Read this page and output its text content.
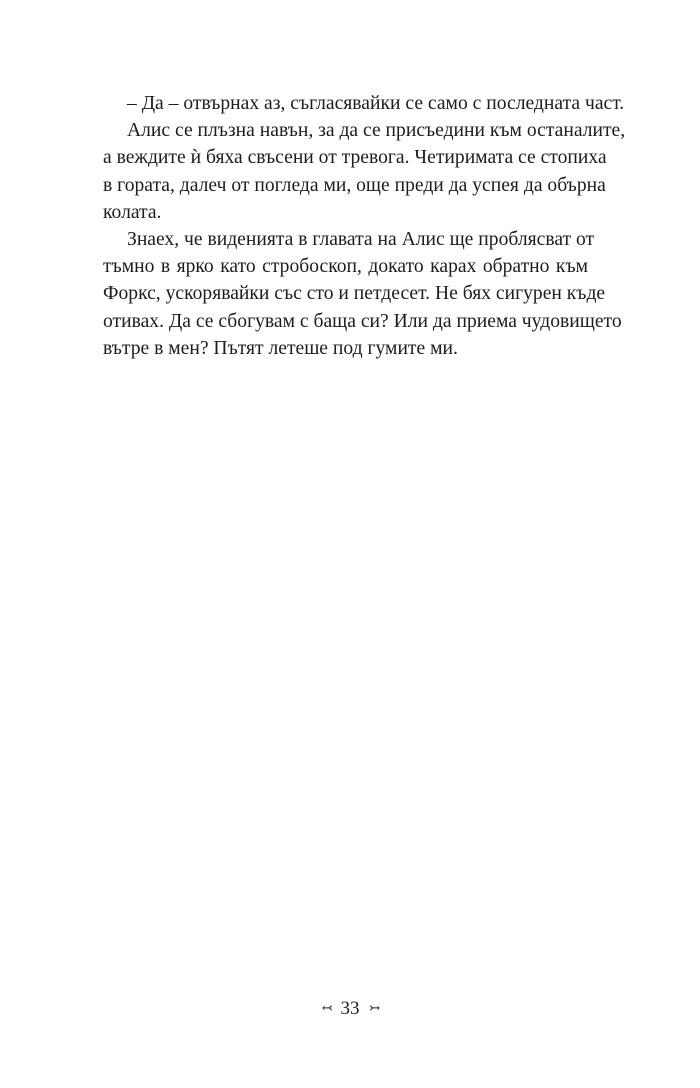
– Да – отвърнах аз, съгласявайки се само с последната част.
Алис се плъзна навън, за да се присъедини към останалите,
а веждите ѝ бяха свъсени от тревога. Четиримата се стопиха
в гората, далеч от погледа ми, още преди да успея да обърна
колата.
Знаех, че виденията в главата на Алис ще проблясват от
тъмно в ярко като стробоскоп, докато карах обратно към
Форкс, ускорявайки със сто и петдесет. Не бях сигурен къде
отивах. Да се сбогувам с баща си? Или да приема чудовището
вътре в мен? Пътят летеше под гумите ми.
↢ 33 ↣
